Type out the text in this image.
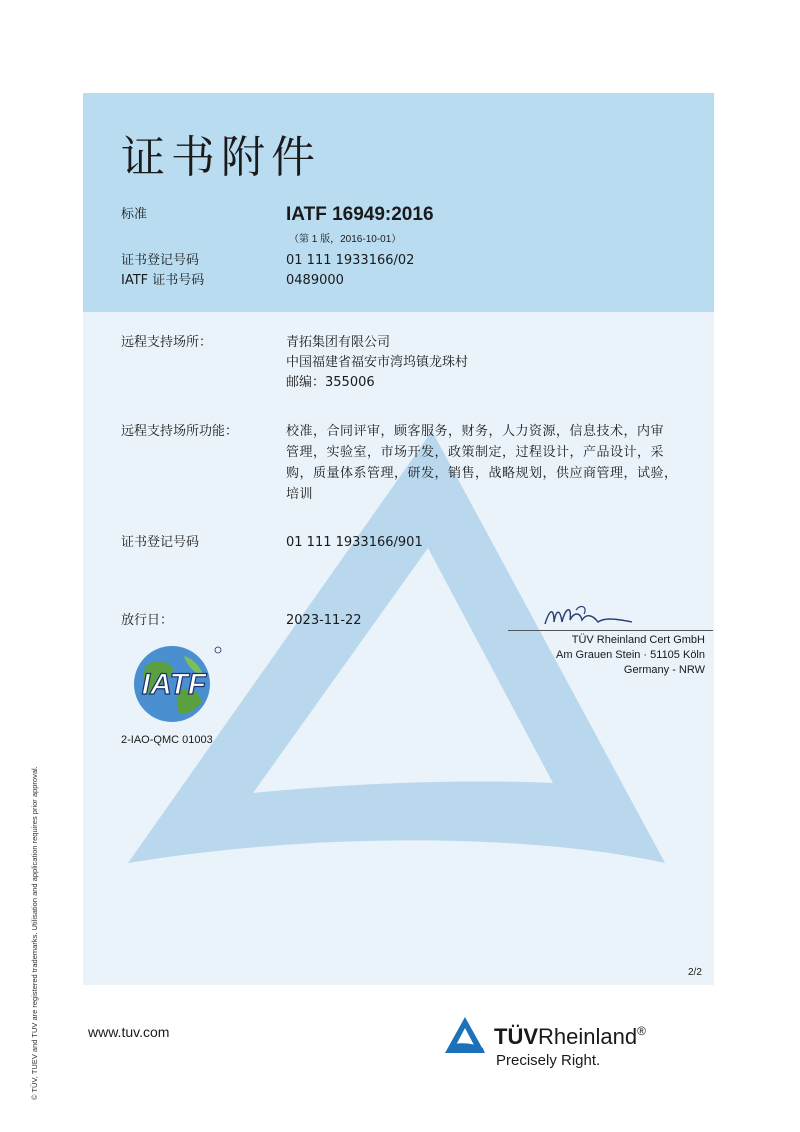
证书附件
标准	IATF 16949:2016
（第 1 版，2016-10-01）
证书登记号码	01 111 1933166/02
IATF 证书号码	0489000
远程支持场所：	青拓集团有限公司
中国福建省福安市湾坞镇龙珠村
邮编：355006
远程支持场所功能：	校准，合同评审，顾客服务，财务，人力资源，信息技术，内审
管理，实验室，市场开发，政策制定，过程设计，产品设计，采
购，质量体系管理，研发，销售，战略规划，供应商管理，试验，
培训
证书登记号码	01 111 1933166/901
放行日：	2023-11-22
TÜV Rheinland Cert GmbH
Am Grauen Stein · 51105 Köln
Germany - NRW
IATF
2-IAO-QMC 01003
2/2
www.tuv.com	TÜVRheinland®
Precisely Right.
© TÜV, TUEV and TUV are registered trademarks. Utilisation and application requires prior approval.
